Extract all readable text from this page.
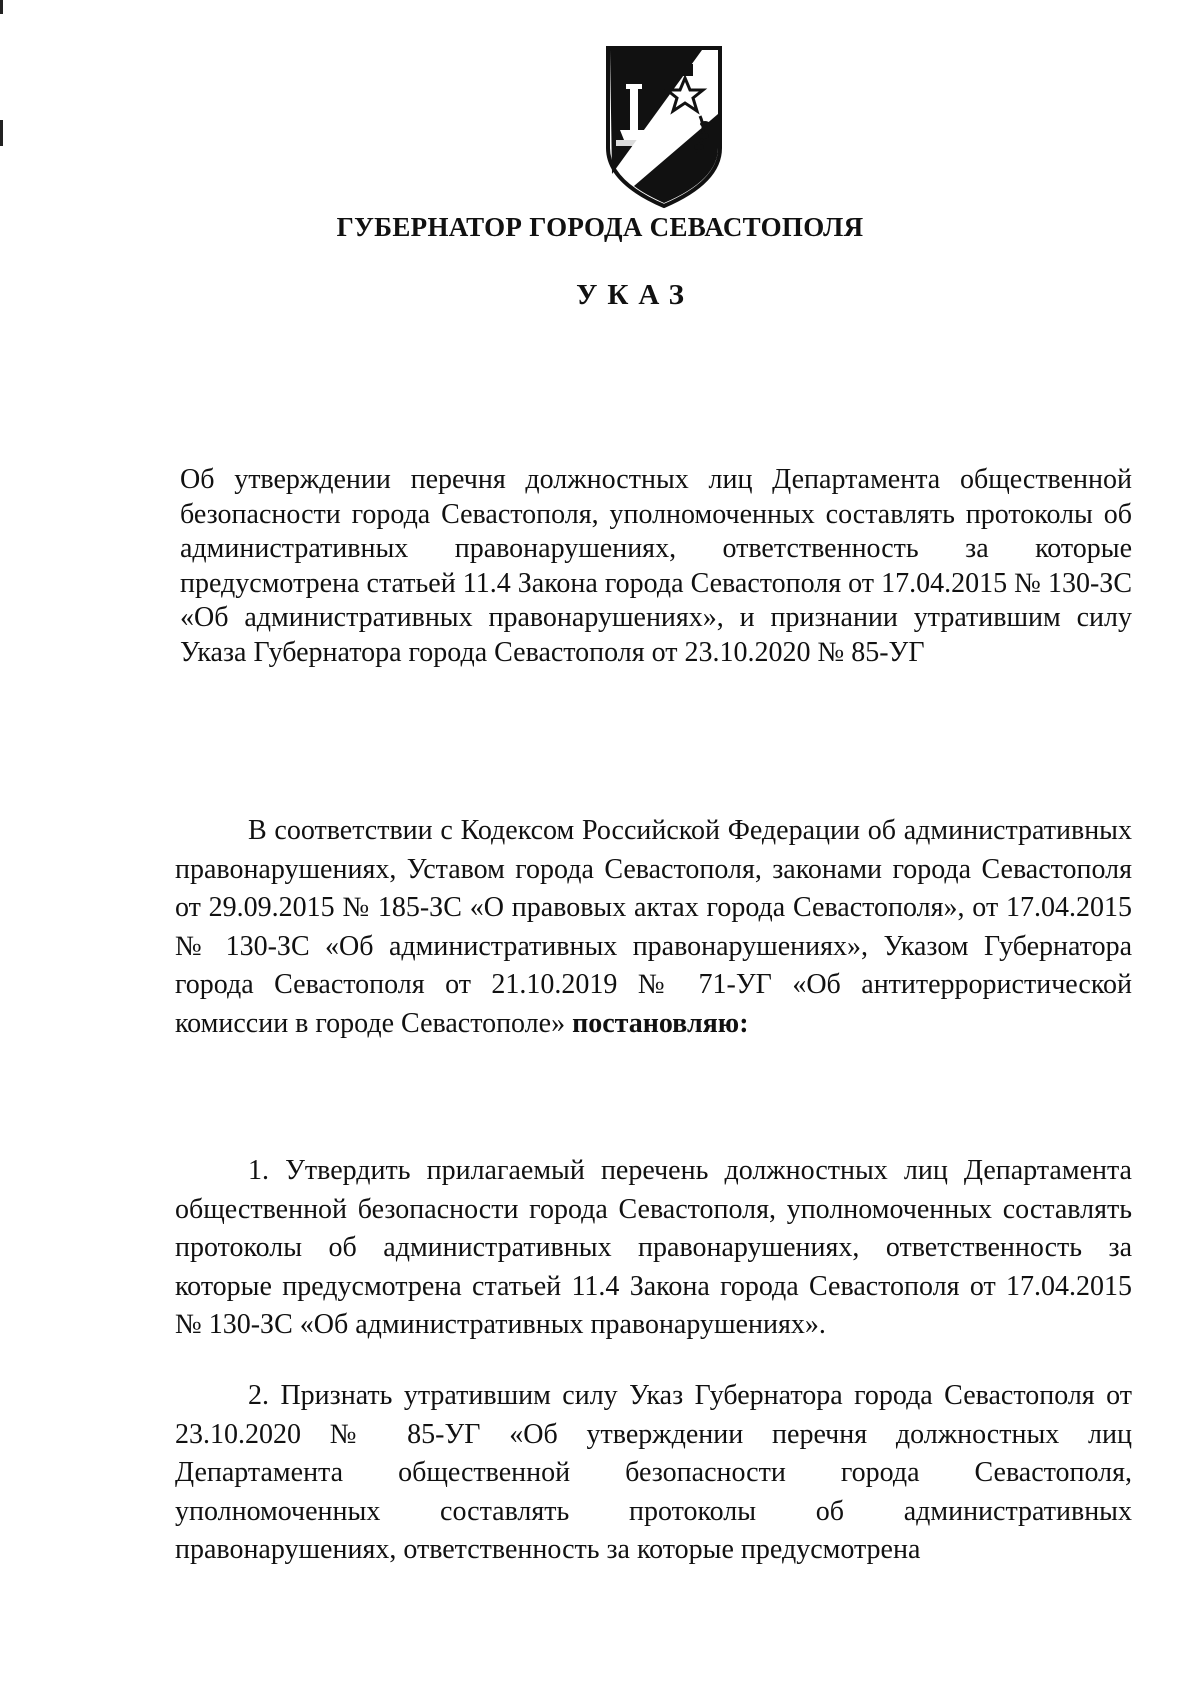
ГУБЕРНАТОР ГОРОДА СЕВАСТОПОЛЯ
УКАЗ

Об утверждении перечня должностных лиц Департамента общественной безопасности города Севастополя, уполномоченных составлять протоколы об административных правонарушениях, ответственность за которые предусмотрена статьей 11.4 Закона города Севастополя от 17.04.2015 № 130-ЗС «Об административных правонарушениях», и признании утратившим силу Указа Губернатора города Севастополя от 23.10.2020 № 85-УГ

В соответствии с Кодексом Российской Федерации об административных правонарушениях, Уставом города Севастополя, законами города Севастополя от 29.09.2015 № 185-ЗС «О правовых актах города Севастополя», от 17.04.2015 № 130-ЗС «Об административных правонарушениях», Указом Губернатора города Севастополя от 21.10.2019 № 71-УГ «Об антитеррористической комиссии в городе Севастополе» постановляю:

1. Утвердить прилагаемый перечень должностных лиц Департамента общественной безопасности города Севастополя, уполномоченных составлять протоколы об административных правонарушениях, ответственность за которые предусмотрена статьей 11.4 Закона города Севастополя от 17.04.2015 № 130-ЗС «Об административных правонарушениях».

2. Признать утратившим силу Указ Губернатора города Севастополя от 23.10.2020 № 85-УГ «Об утверждении перечня должностных лиц Департамента общественной безопасности города Севастополя, уполномоченных составлять протоколы об административных правонарушениях, ответственность за которые предусмотрена
